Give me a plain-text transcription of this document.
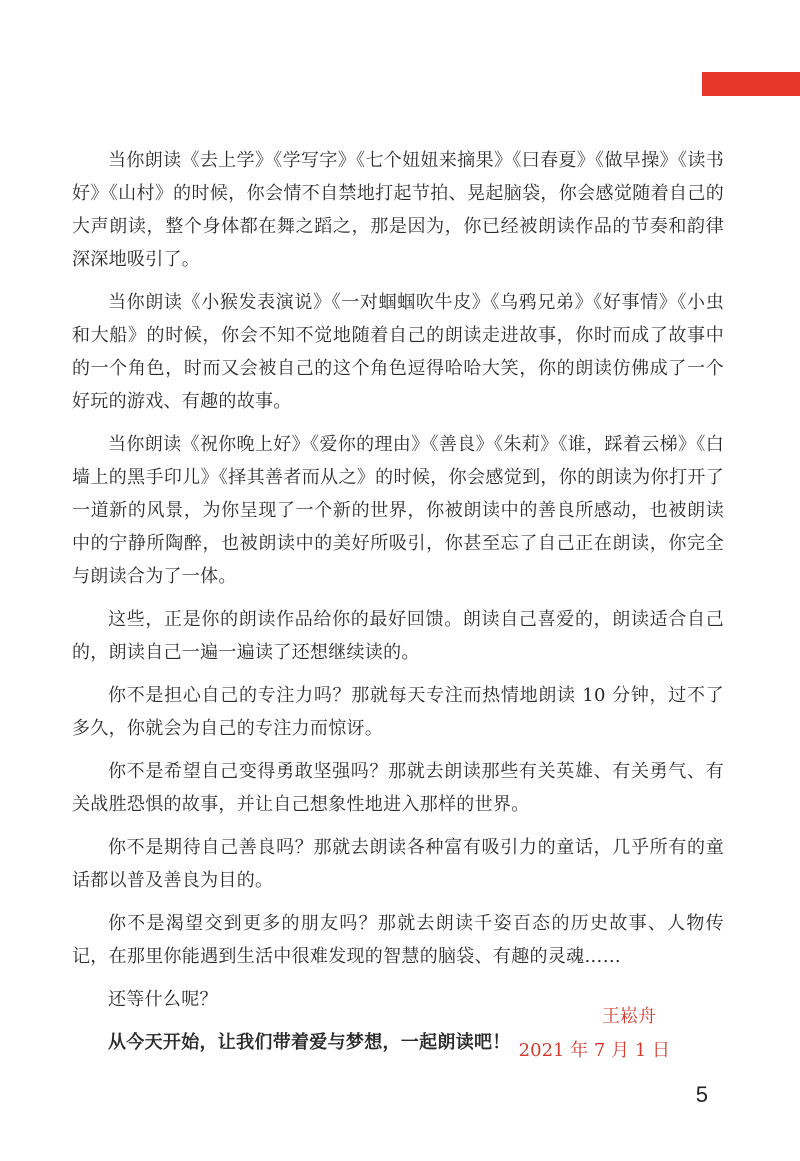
当你朗读《去上学》《学写字》《七个妞妞来摘果》《曰春夏》《做早操》《读书好》《山村》的时候，你会情不自禁地打起节拍、晃起脑袋，你会感觉随着自己的大声朗读，整个身体都在舞之蹈之，那是因为，你已经被朗读作品的节奏和韵律深深地吸引了。

当你朗读《小猴发表演说》《一对蝈蝈吹牛皮》《乌鸦兄弟》《好事情》《小虫和大船》的时候，你会不知不觉地随着自己的朗读走进故事，你时而成了故事中的一个角色，时而又会被自己的这个角色逗得哈哈大笑，你的朗读仿佛成了一个好玩的游戏、有趣的故事。

当你朗读《祝你晚上好》《爱你的理由》《善良》《朱莉》《谁，踩着云梯》《白墙上的黑手印儿》《择其善者而从之》的时候，你会感觉到，你的朗读为你打开了一道新的风景，为你呈现了一个新的世界，你被朗读中的善良所感动，也被朗读中的宁静所陶醉，也被朗读中的美好所吸引，你甚至忘了自己正在朗读，你完全与朗读合为了一体。

这些，正是你的朗读作品给你的最好回馈。朗读自己喜爱的，朗读适合自己的，朗读自己一遍一遍读了还想继续读的。

你不是担心自己的专注力吗？那就每天专注而热情地朗读 10 分钟，过不了多久，你就会为自己的专注力而惊讶。

你不是希望自己变得勇敢坚强吗？那就去朗读那些有关英雄、有关勇气、有关战胜恐惧的故事，并让自己想象性地进入那样的世界。

你不是期待自己善良吗？那就去朗读各种富有吸引力的童话，几乎所有的童话都以普及善良为目的。

你不是渴望交到更多的朋友吗？那就去朗读千姿百态的历史故事、人物传记，在那里你能遇到生活中很难发现的智慧的脑袋、有趣的灵魂……

还等什么呢？

从今天开始，让我们带着爱与梦想，一起朗读吧！

王崧舟
2021 年 7 月 1 日
5
